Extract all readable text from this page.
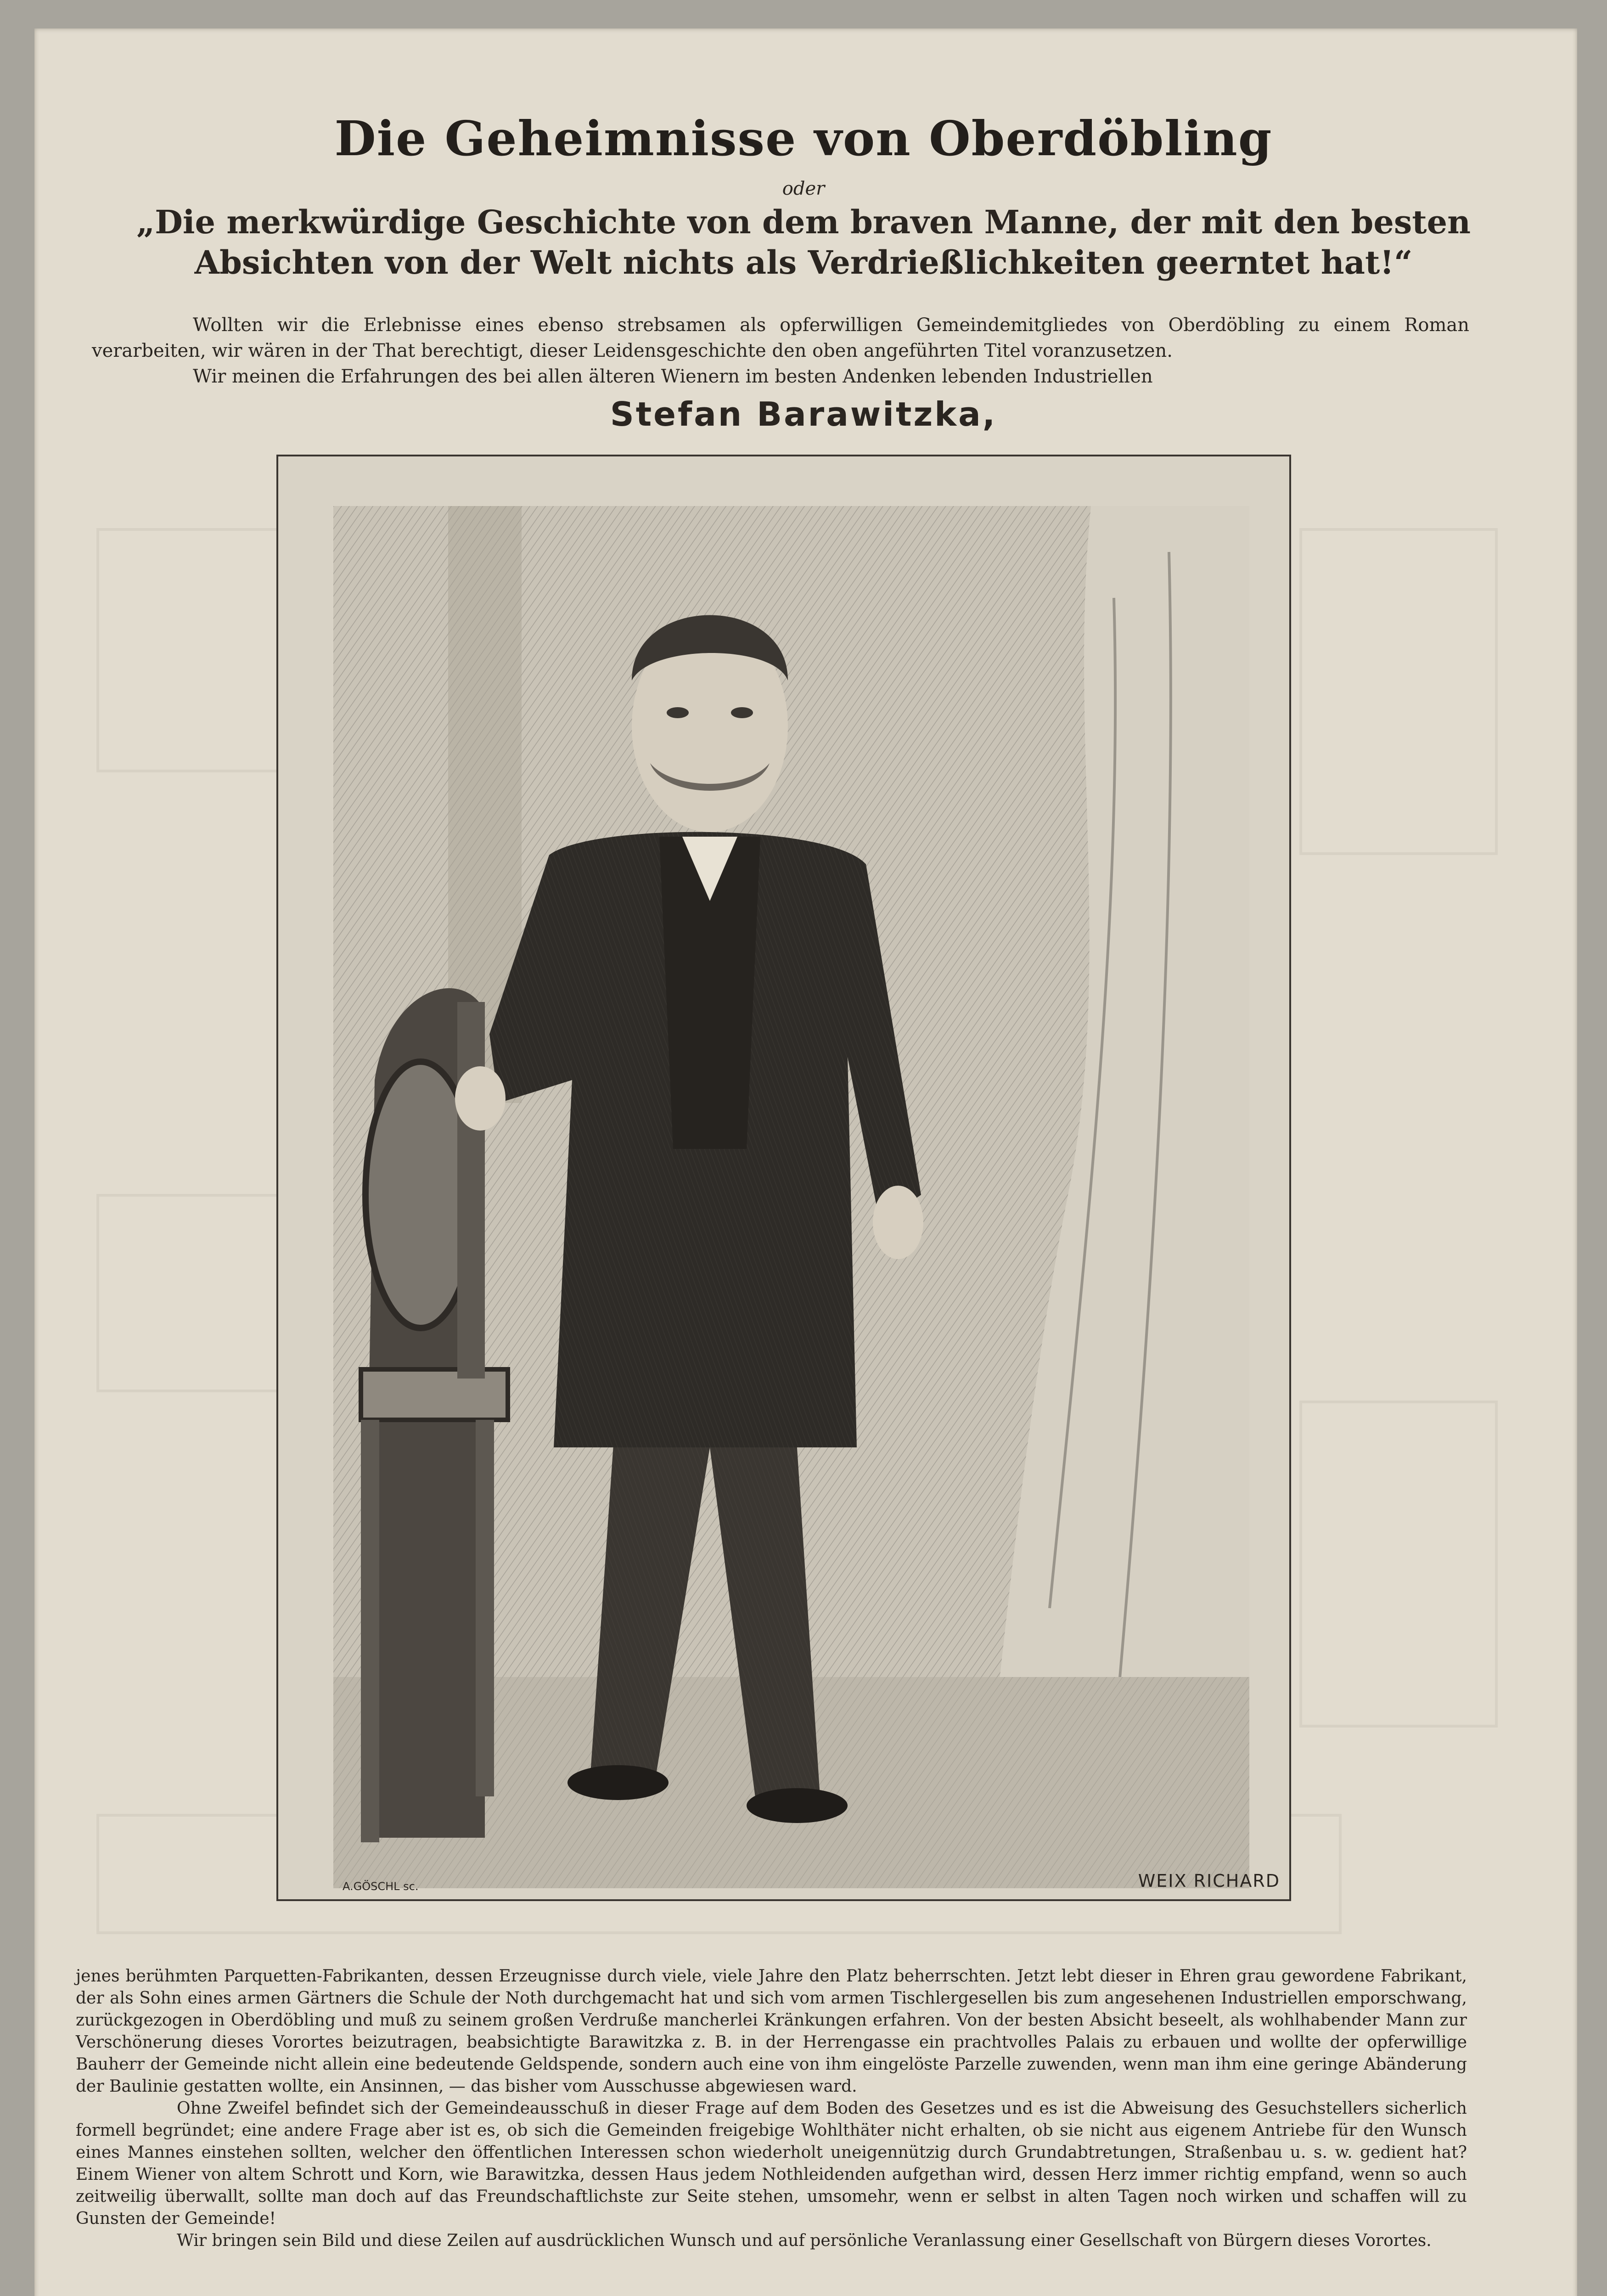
Die Geheimnisse von Oberdöbling
oder
„Die merkwürdige Geschichte von dem braven Manne, der mit den besten Absichten von der Welt nichts als Verdrießlichkeiten geerntet hat!“

Wollten wir die Erlebnisse eines ebenso strebsamen als opferwilligen Gemeindemitgliedes von Oberdöbling zu einem Roman verarbeiten, wir wären in der That berechtigt, dieser Leidensgeschichte den oben angeführten Titel voranzusetzen.

Wir meinen die Erfahrungen des bei allen älteren Wienern im besten Andenken lebenden Industriellen

Stefan Barawitzka,
A.GÖSCHL sc.	WEIX RICHARD

jenes berühmten Parquetten-Fabrikanten, dessen Erzeugnisse durch viele, viele Jahre den Platz beherrschten. Jetzt lebt dieser in Ehren grau gewordene Fabrikant, der als Sohn eines armen Gärtners die Schule der Noth durchgemacht hat und sich vom armen Tischlergesellen bis zum angesehenen Industriellen emporschwang, zurückgezogen in Oberdöbling und muß zu seinem großen Verdruße mancherlei Kränkungen erfahren. Von der besten Absicht beseelt, als wohlhabender Mann zur Verschönerung dieses Vorortes beizutragen, beabsichtigte Barawitzka z. B. in der Herrengasse ein prachtvolles Palais zu erbauen und wollte der opferwillige Bauherr der Gemeinde nicht allein eine bedeutende Geldspende, sondern auch eine von ihm eingelöste Parzelle zuwenden, wenn man ihm eine geringe Abänderung der Baulinie gestatten wollte, ein Ansinnen, — das bisher vom Ausschusse abgewiesen ward.

Ohne Zweifel befindet sich der Gemeindeausschuß in dieser Frage auf dem Boden des Gesetzes und es ist die Abweisung des Gesuchstellers sicherlich formell begründet; eine andere Frage aber ist es, ob sich die Gemeinden freigebige Wohlthäter nicht erhalten, ob sie nicht aus eigenem Antriebe für den Wunsch eines Mannes einstehen sollten, welcher den öffentlichen Interessen schon wiederholt uneigennützig durch Grundabtretungen, Straßenbau u. s. w. gedient hat? Einem Wiener von altem Schrott und Korn, wie Barawitzka, dessen Haus jedem Nothleidenden aufgethan wird, dessen Herz immer richtig empfand, wenn so auch zeitweilig überwallt, sollte man doch auf das Freundschaftlichste zur Seite stehen, umsomehr, wenn er selbst in alten Tagen noch wirken und schaffen will zu Gunsten der Gemeinde!

Wir bringen sein Bild und diese Zeilen auf ausdrücklichen Wunsch und auf persönliche Veranlassung einer Gesellschaft von Bürgern dieses Vorortes.
